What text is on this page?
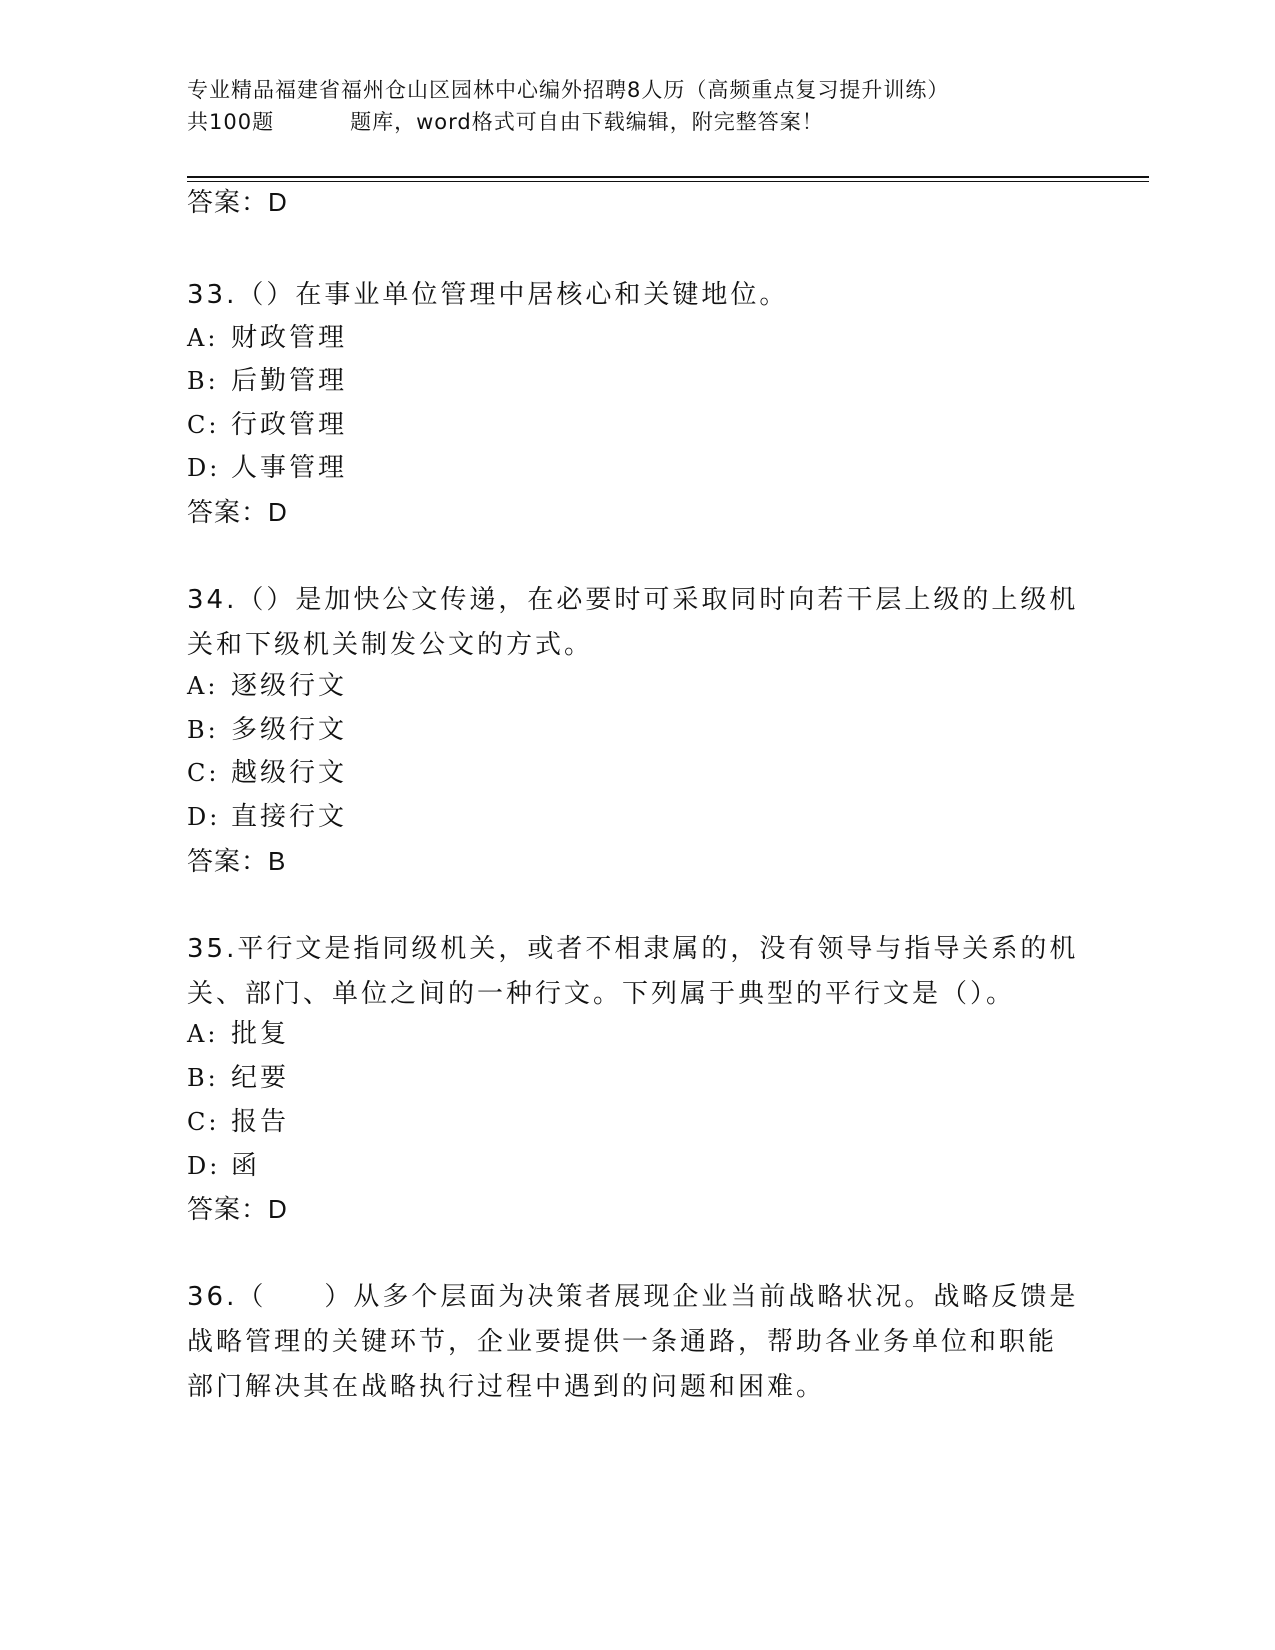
专业精品福建省福州仓山区园林中心编外招聘8人历（高频重点复习提升训练）
共100题	题库，word格式可自由下载编辑，附完整答案！
答案：D
33.（）在事业单位管理中居核心和关键地位。
A: 财政管理
B: 后勤管理
C: 行政管理
D: 人事管理
答案：D
34.（）是加快公文传递，在必要时可采取同时向若干层上级的上级机
关和下级机关制发公文的方式。
A: 逐级行文
B: 多级行文
C: 越级行文
D: 直接行文
答案：B
35.平行文是指同级机关，或者不相隶属的，没有领导与指导关系的机
关、部门、单位之间的一种行文。下列属于典型的平行文是（）。
A: 批复
B: 纪要
C: 报告
D: 函
答案：D
36.（　　）从多个层面为决策者展现企业当前战略状况。战略反馈是
战略管理的关键环节，企业要提供一条通路，帮助各业务单位和职能
部门解决其在战略执行过程中遇到的问题和困难。
